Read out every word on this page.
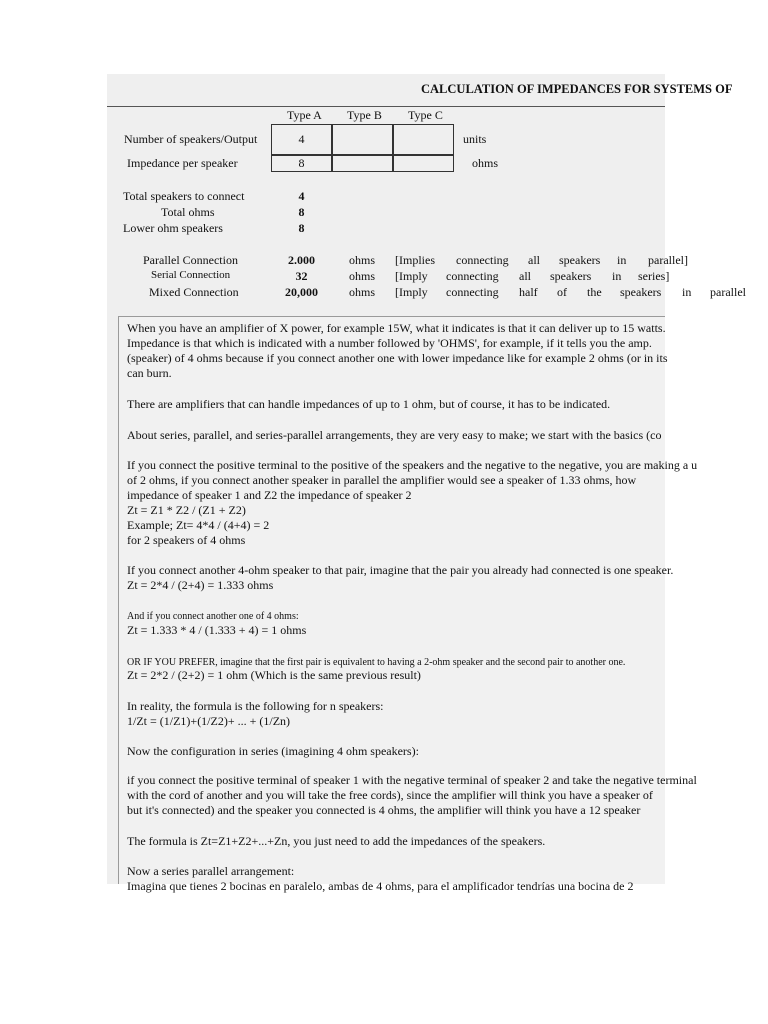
CALCULATION OF IMPEDANCES FOR SYSTEMS OF
Type A Type B Type C
Number of speakers/Output	4	units
Impedance per speaker	8	ohms
Total speakers to connect	4
Total ohms	8
Lower ohm speakers	8
Parallel Connection	2.000	ohms [Implies connecting all speakers in parallel]
Serial Connection	32	ohms [Imply connecting all speakers in series]
Mixed Connection	20,000	ohms [Imply connecting half of the speakers in parallel

When you have an amplifier of X power, for example 15W, what it indicates is that it can deliver up to 15 watts.

Impedance is that which is indicated with a number followed by 'OHMS', for example, if it tells you the amp.

(speaker) of 4 ohms because if you connect another one with lower impedance like for example 2 ohms (or in its

can burn.

There are amplifiers that can handle impedances of up to 1 ohm, but of course, it has to be indicated.

About series, parallel, and series-parallel arrangements, they are very easy to make; we start with the basics (co

If you connect the positive terminal to the positive of the speakers and the negative to the negative, you are making a u

of 2 ohms, if you connect another speaker in parallel the amplifier would see a speaker of 1.33 ohms, how

impedance of speaker 1 and Z2 the impedance of speaker 2

Zt = Z1 * Z2 / (Z1 + Z2)

Example; Zt= 4*4 / (4+4) = 2

for 2 speakers of 4 ohms

If you connect another 4-ohm speaker to that pair, imagine that the pair you already had connected is one speaker.

Zt = 2*4 / (2+4) = 1.333 ohms

And if you connect another one of 4 ohms:

Zt = 1.333 * 4 / (1.333 + 4) = 1 ohms

OR IF YOU PREFER, imagine that the first pair is equivalent to having a 2-ohm speaker and the second pair to another one.

Zt = 2*2 / (2+2) = 1 ohm (Which is the same previous result)

In reality, the formula is the following for n speakers:

1/Zt = (1/Z1)+(1/Z2)+ ... + (1/Zn)

Now the configuration in series (imagining 4 ohm speakers):

if you connect the positive terminal of speaker 1 with the negative terminal of speaker 2 and take the negative terminal

with the cord of another and you will take the free cords), since the amplifier will think you have a speaker of

but it's connected) and the speaker you connected is 4 ohms, the amplifier will think you have a 12 speaker

The formula is Zt=Z1+Z2+...+Zn, you just need to add the impedances of the speakers.

Now a series parallel arrangement:

Imagina que tienes 2 bocinas en paralelo, ambas de 4 ohms, para el amplificador tendrías una bocina de 2
